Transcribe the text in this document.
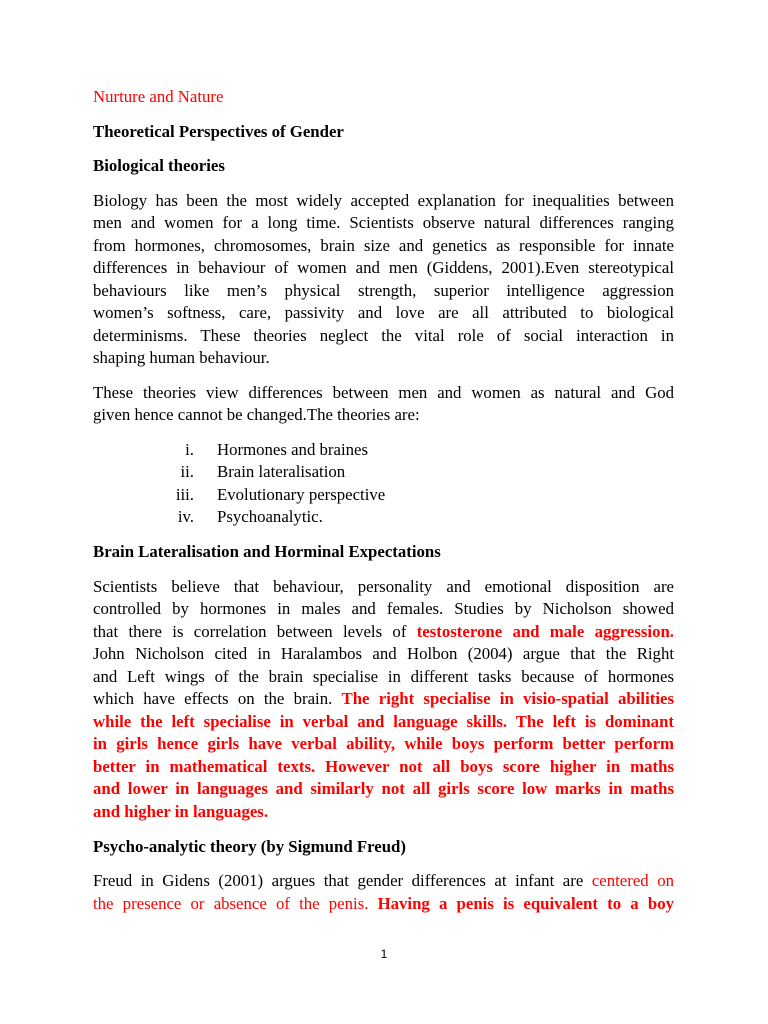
Nurture and Nature
Theoretical Perspectives of Gender
Biological theories
Biology has been the most widely accepted explanation for inequalities between
men and women for a long time. Scientists observe natural differences ranging
from hormones, chromosomes, brain size and genetics as responsible for innate
differences in behaviour of women and men (Giddens, 2001).Even stereotypical
behaviours like men’s physical strength, superior intelligence aggression
women’s softness, care, passivity and love are all attributed to biological
determinisms. These theories neglect the vital role of social interaction in
shaping human behaviour.
These theories view differences between men and women as natural and God
given hence cannot be changed.The theories are:
i. Hormones and braines
ii. Brain lateralisation
iii. Evolutionary perspective
iv. Psychoanalytic.
Brain Lateralisation and Horminal Expectations
Scientists believe that behaviour, personality and emotional disposition are
controlled by hormones in males and females. Studies by Nicholson showed
that there is correlation between levels of testosterone and male aggression.
John Nicholson cited in Haralambos and Holbon (2004) argue that the Right
and Left wings of the brain specialise in different tasks because of hormones
which have effects on the brain. The right specialise in visio-spatial abilities
while the left specialise in verbal and language skills. The left is dominant
in girls hence girls have verbal ability, while boys perform better perform
better in mathematical texts. However not all boys score higher in maths
and lower in languages and similarly not all girls score low marks in maths
and higher in languages.
Psycho-analytic theory (by Sigmund Freud)
Freud in Gidens (2001) argues that gender differences at infant are centered on
the presence or absence of the penis. Having a penis is equivalent to a boy
1
